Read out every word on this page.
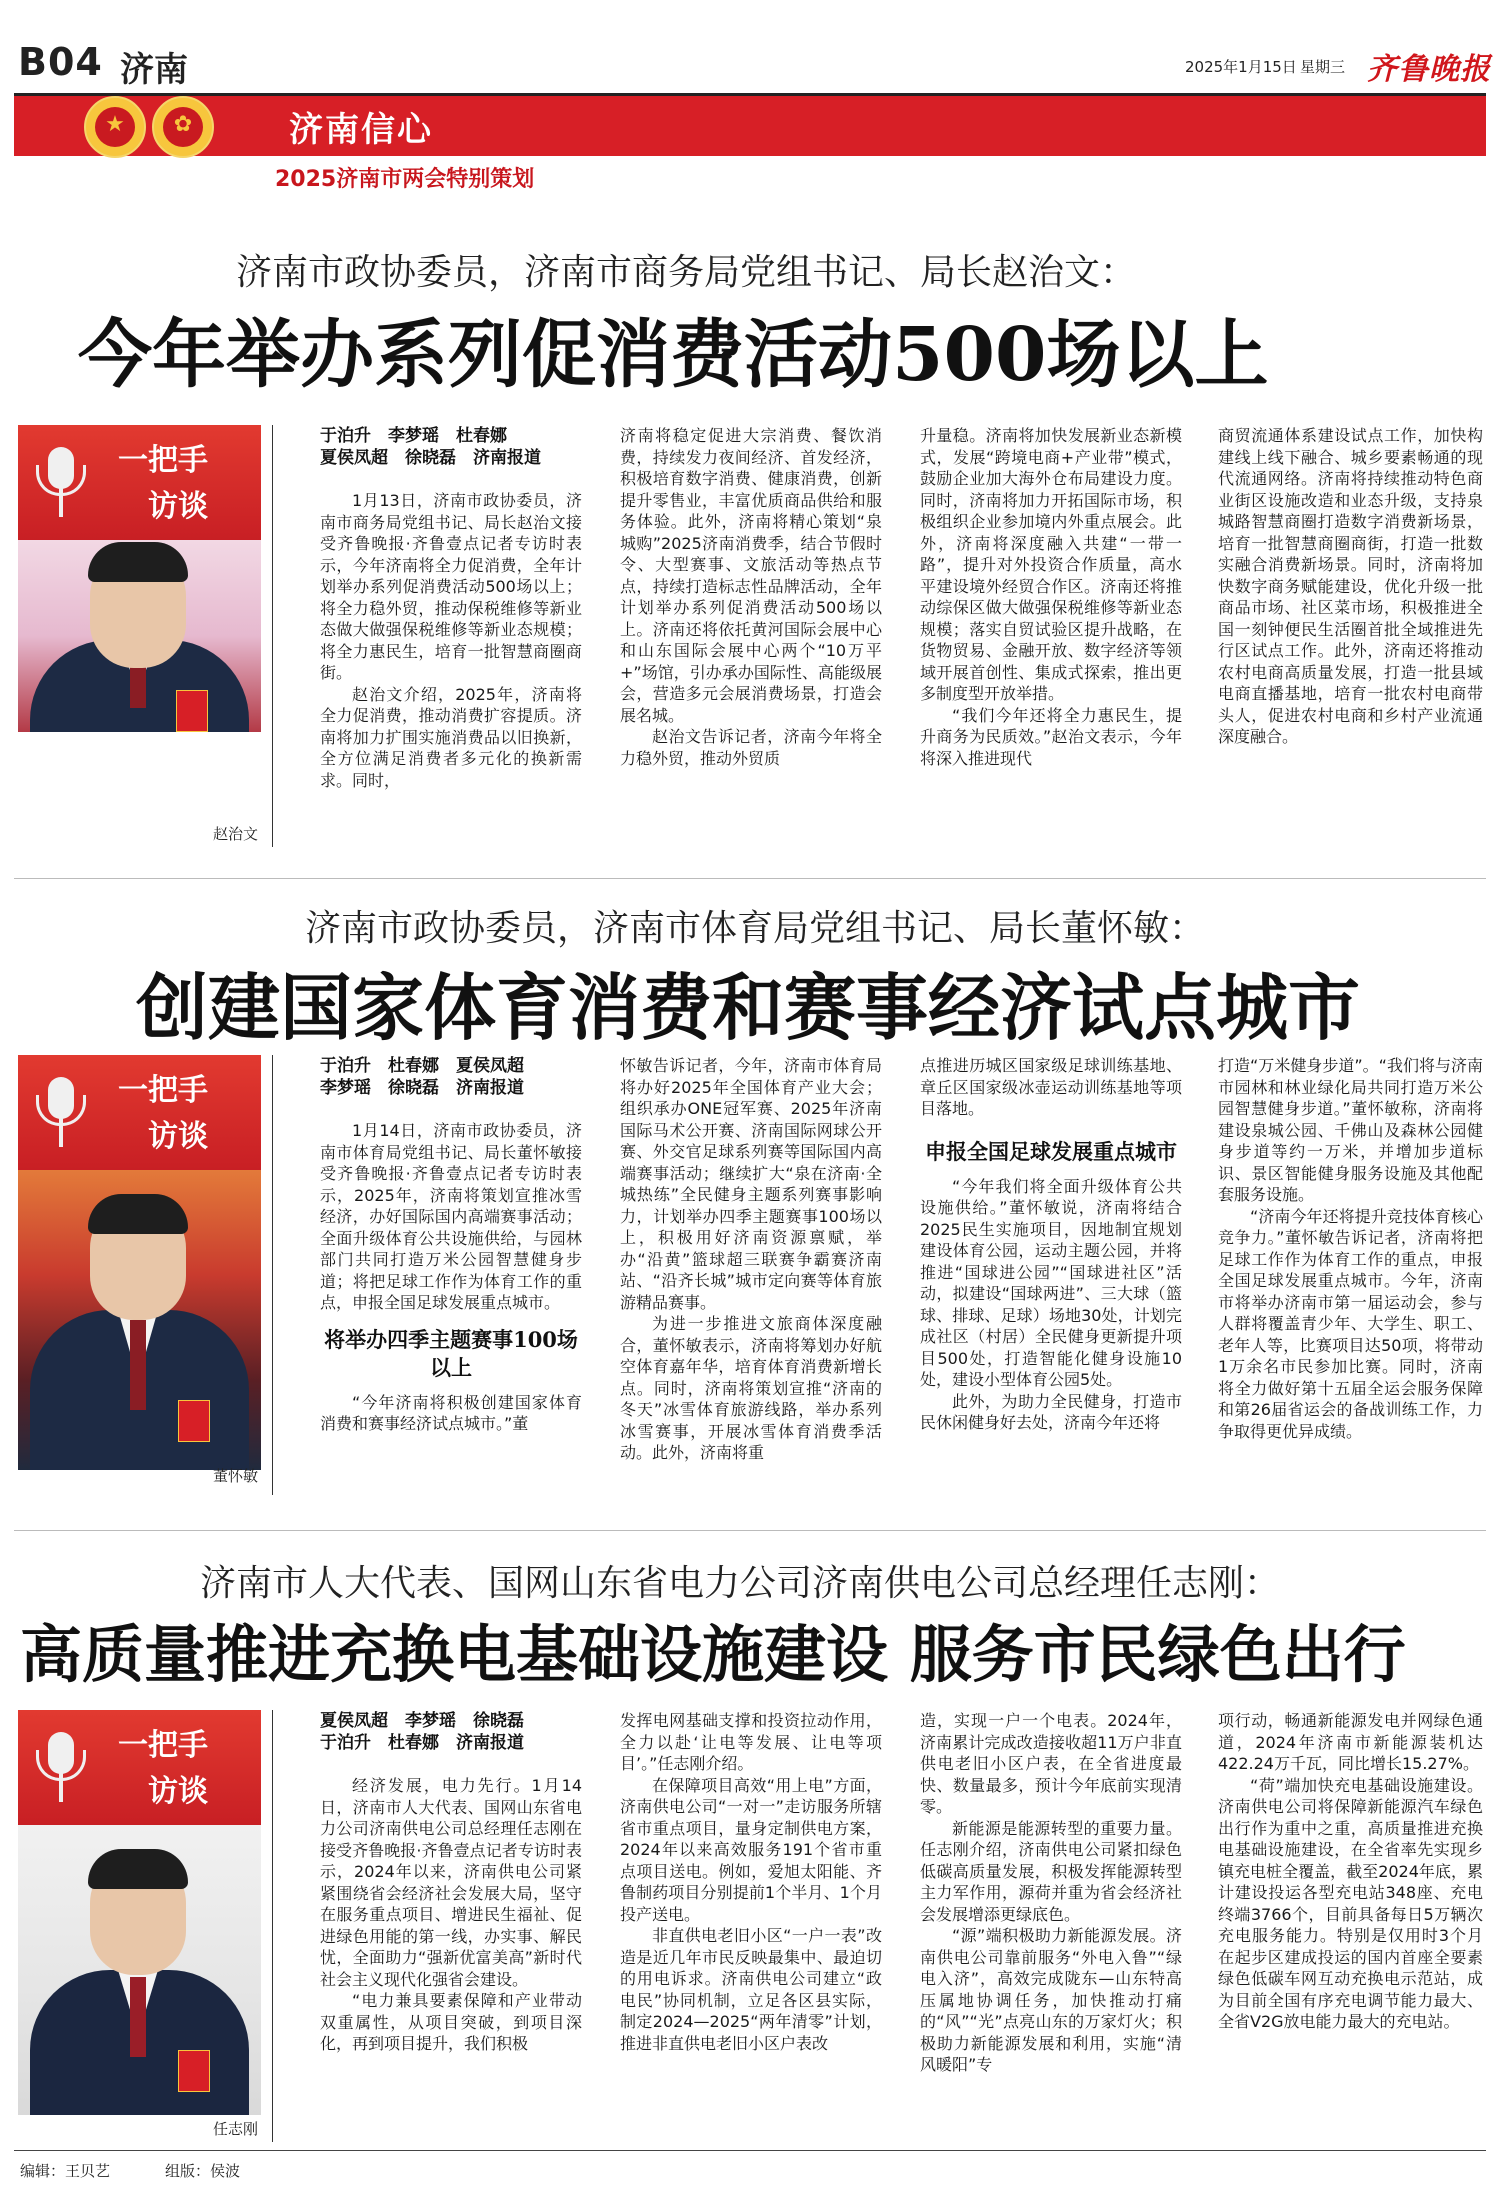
B04 济南	2025年1月15日 星期三 齐鲁晚报
★	✿	济南信心
2025济南市两会特别策划
济南市政协委员，济南市商务局党组书记、局长赵治文：
今年举办系列促消费活动500场以上
一把手
访谈
赵治文
于泊升　李梦瑶　杜春娜
夏侯凤超　徐晓磊　济南报道

1月13日，济南市政协委员，济南市商务局党组书记、局长赵治文接受齐鲁晚报·齐鲁壹点记者专访时表示，今年济南将全力促消费，全年计划举办系列促消费活动500场以上；将全力稳外贸，推动保税维修等新业态做大做强保税维修等新业态规模；将全力惠民生，培育一批智慧商圈商街。

赵治文介绍，2025年，济南将全力促消费，推动消费扩容提质。济南将加力扩围实施消费品以旧换新，全方位满足消费者多元化的换新需求。同时，

济南将稳定促进大宗消费、餐饮消费，持续发力夜间经济、首发经济，积极培育数字消费、健康消费，创新提升零售业，丰富优质商品供给和服务体验。此外，济南将精心策划“泉城购”2025济南消费季，结合节假时令、大型赛事、文旅活动等热点节点，持续打造标志性品牌活动，全年计划举办系列促消费活动500场以上。济南还将依托黄河国际会展中心和山东国际会展中心两个“10万平+”场馆，引办承办国际性、高能级展会，营造多元会展消费场景，打造会展名城。

赵治文告诉记者，济南今年将全力稳外贸，推动外贸质

升量稳。济南将加快发展新业态新模式，发展“跨境电商+产业带”模式，鼓励企业加大海外仓布局建设力度。同时，济南将加力开拓国际市场，积极组织企业参加境内外重点展会。此外，济南将深度融入共建“一带一路”，提升对外投资合作质量，高水平建设境外经贸合作区。济南还将推动综保区做大做强保税维修等新业态规模；落实自贸试验区提升战略，在货物贸易、金融开放、数字经济等领域开展首创性、集成式探索，推出更多制度型开放举措。

“我们今年还将全力惠民生，提升商务为民质效。”赵治文表示，今年将深入推进现代

商贸流通体系建设试点工作，加快构建线上线下融合、城乡要素畅通的现代流通网络。济南将持续推动特色商业街区设施改造和业态升级，支持泉城路智慧商圈打造数字消费新场景，培育一批智慧商圈商街，打造一批数实融合消费新场景。同时，济南将加快数字商务赋能建设，优化升级一批商品市场、社区菜市场，积极推进全国一刻钟便民生活圈首批全域推进先行区试点工作。此外，济南还将推动农村电商高质量发展，打造一批县域电商直播基地，培育一批农村电商带头人，促进农村电商和乡村产业流通深度融合。

济南市政协委员，济南市体育局党组书记、局长董怀敏：
创建国家体育消费和赛事经济试点城市
一把手
访谈
董怀敏
于泊升　杜春娜　夏侯凤超
李梦瑶　徐晓磊　济南报道

1月14日，济南市政协委员，济南市体育局党组书记、局长董怀敏接受齐鲁晚报·齐鲁壹点记者专访时表示，2025年，济南将策划宣推冰雪经济，办好国际国内高端赛事活动；全面升级体育公共设施供给，与园林部门共同打造万米公园智慧健身步道；将把足球工作作为体育工作的重点，申报全国足球发展重点城市。

将举办四季主题赛事100场以上

“今年济南将积极创建国家体育消费和赛事经济试点城市。”董

怀敏告诉记者，今年，济南市体育局将办好2025年全国体育产业大会；组织承办ONE冠军赛、2025年济南国际马术公开赛、济南国际网球公开赛、外交官足球系列赛等国际国内高端赛事活动；继续扩大“泉在济南·全城热练”全民健身主题系列赛事影响力，计划举办四季主题赛事100场以上，积极用好济南资源禀赋，举办“沿黄”篮球超三联赛争霸赛济南站、“沿齐长城”城市定向赛等体育旅游精品赛事。

为进一步推进文旅商体深度融合，董怀敏表示，济南将筹划办好航空体育嘉年华，培育体育消费新增长点。同时，济南将策划宣推“济南的冬天”冰雪体育旅游线路，举办系列冰雪赛事，开展冰雪体育消费季活动。此外，济南将重

点推进历城区国家级足球训练基地、章丘区国家级冰壶运动训练基地等项目落地。

申报全国足球发展重点城市

“今年我们将全面升级体育公共设施供给。”董怀敏说，济南将结合2025民生实施项目，因地制宜规划建设体育公园，运动主题公园，并将推进“国球进公园”“国球进社区”活动，拟建设“国球两进”、三大球（篮球、排球、足球）场地30处，计划完成社区（村居）全民健身更新提升项目500处，打造智能化健身设施10处，建设小型体育公园5处。

此外，为助力全民健身，打造市民休闲健身好去处，济南今年还将

打造“万米健身步道”。“我们将与济南市园林和林业绿化局共同打造万米公园智慧健身步道。”董怀敏称，济南将建设泉城公园、千佛山及森林公园健身步道等约一万米，并增加步道标识、景区智能健身服务设施及其他配套服务设施。

“济南今年还将提升竞技体育核心竞争力。”董怀敏告诉记者，济南将把足球工作作为体育工作的重点，申报全国足球发展重点城市。今年，济南市将举办济南市第一届运动会，参与人群将覆盖青少年、大学生、职工、老年人等，比赛项目达50项，将带动1万余名市民参加比赛。同时，济南将全力做好第十五届全运会服务保障和第26届省运会的备战训练工作，力争取得更优异成绩。

济南市人大代表、国网山东省电力公司济南供电公司总经理任志刚：
高质量推进充换电基础设施建设 服务市民绿色出行
一把手
访谈
任志刚
夏侯凤超　李梦瑶　徐晓磊
于泊升　杜春娜　济南报道

经济发展，电力先行。1月14日，济南市人大代表、国网山东省电力公司济南供电公司总经理任志刚在接受齐鲁晚报·齐鲁壹点记者专访时表示，2024年以来，济南供电公司紧紧围绕省会经济社会发展大局，坚守在服务重点项目、增进民生福祉、促进绿色用能的第一线，办实事、解民忧，全面助力“强新优富美高”新时代社会主义现代化强省会建设。

“电力兼具要素保障和产业带动双重属性，从项目突破，到项目深化，再到项目提升，我们积极

发挥电网基础支撑和投资拉动作用，全力以赴‘让电等发展、让电等项目’。”任志刚介绍。

在保障项目高效“用上电”方面，济南供电公司“一对一”走访服务所辖省市重点项目，量身定制供电方案，2024年以来高效服务191个省市重点项目送电。例如，爱旭太阳能、齐鲁制药项目分别提前1个半月、1个月投产送电。

非直供电老旧小区“一户一表”改造是近几年市民反映最集中、最迫切的用电诉求。济南供电公司建立“政电民”协同机制，立足各区县实际，制定2024—2025“两年清零”计划，推进非直供电老旧小区户表改

造，实现一户一个电表。2024年，济南累计完成改造接收超11万户非直供电老旧小区户表，在全省进度最快、数量最多，预计今年底前实现清零。

新能源是能源转型的重要力量。任志刚介绍，济南供电公司紧扣绿色低碳高质量发展，积极发挥能源转型主力军作用，源荷并重为省会经济社会发展增添更绿底色。

“源”端积极助力新能源发展。济南供电公司靠前服务“外电入鲁”“绿电入济”，高效完成陇东—山东特高压属地协调任务，加快推动打痛的“风”“光”点亮山东的万家灯火；积极助力新能源发展和利用，实施“清风暖阳”专

项行动，畅通新能源发电并网绿色通道，2024年济南市新能源装机达422.24万千瓦，同比增长15.27%。

“荷”端加快充电基础设施建设。济南供电公司将保障新能源汽车绿色出行作为重中之重，高质量推进充换电基础设施建设，在全省率先实现乡镇充电桩全覆盖，截至2024年底，累计建设投运各型充电站348座、充电终端3766个，目前具备每日5万辆次充电服务能力。特别是仅用时3个月在起步区建成投运的国内首座全要素绿色低碳车网互动充换电示范站，成为目前全国有序充电调节能力最大、全省V2G放电能力最大的充电站。

编辑：王贝艺	组版：侯波
